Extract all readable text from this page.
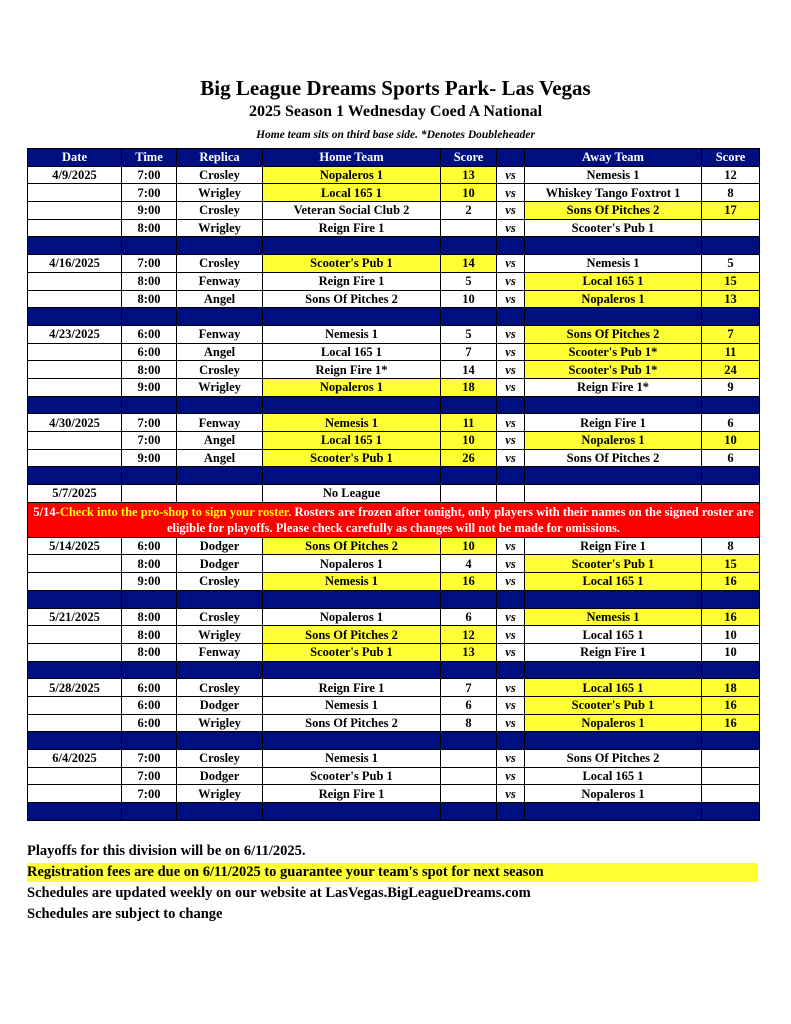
Big League Dreams Sports Park- Las Vegas
2025 Season 1 Wednesday Coed A National
Home team sits on third base side. *Denotes Doubleheader
Date	Time	Replica	Home Team	Score		Away Team	Score
4/9/2025	7:00	Crosley	Nopaleros 1	13	vs	Nemesis 1	12
	7:00	Wrigley	Local 165 1	10	vs	Whiskey Tango Foxtrot 1	8
	9:00	Crosley	Veteran Social Club 2	2	vs	Sons Of Pitches 2	17
	8:00	Wrigley	Reign Fire 1		vs	Scooter's Pub 1	

4/16/2025	7:00	Crosley	Scooter's Pub 1	14	vs	Nemesis 1	5
	8:00	Fenway	Reign Fire 1	5	vs	Local 165 1	15
	8:00	Angel	Sons Of Pitches 2	10	vs	Nopaleros 1	13

4/23/2025	6:00	Fenway	Nemesis 1	5	vs	Sons Of Pitches 2	7
	6:00	Angel	Local 165 1	7	vs	Scooter's Pub 1*	11
	8:00	Crosley	Reign Fire 1*	14	vs	Scooter's Pub 1*	24
	9:00	Wrigley	Nopaleros 1	18	vs	Reign Fire 1*	9

4/30/2025	7:00	Fenway	Nemesis 1	11	vs	Reign Fire 1	6
	7:00	Angel	Local 165 1	10	vs	Nopaleros 1	10
	9:00	Angel	Scooter's Pub 1	26	vs	Sons Of Pitches 2	6

5/7/2025			No League				
5/14-Check into the pro-shop to sign your roster. Rosters are frozen after tonight, only players with their names on the signed roster are eligible for playoffs. Please check carefully as changes will not be made for omissions.							
5/14/2025	6:00	Dodger	Sons Of Pitches 2	10	vs	Reign Fire 1	8
	8:00	Dodger	Nopaleros 1	4	vs	Scooter's Pub 1	15
	9:00	Crosley	Nemesis 1	16	vs	Local 165 1	16

5/21/2025	8:00	Crosley	Nopaleros 1	6	vs	Nemesis 1	16
	8:00	Wrigley	Sons Of Pitches 2	12	vs	Local 165 1	10
	8:00	Fenway	Scooter's Pub 1	13	vs	Reign Fire 1	10

5/28/2025	6:00	Crosley	Reign Fire 1	7	vs	Local 165 1	18
	6:00	Dodger	Nemesis 1	6	vs	Scooter's Pub 1	16
	6:00	Wrigley	Sons Of Pitches 2	8	vs	Nopaleros 1	16

6/4/2025	7:00	Crosley	Nemesis 1		vs	Sons Of Pitches 2	
	7:00	Dodger	Scooter's Pub 1		vs	Local 165 1	
	7:00	Wrigley	Reign Fire 1		vs	Nopaleros 1	

Playoffs for this division will be on 6/11/2025.
Registration fees are due on 6/11/2025 to guarantee your team's spot for next season
Schedules are updated weekly on our website at LasVegas.BigLeagueDreams.com
Schedules are subject to change
